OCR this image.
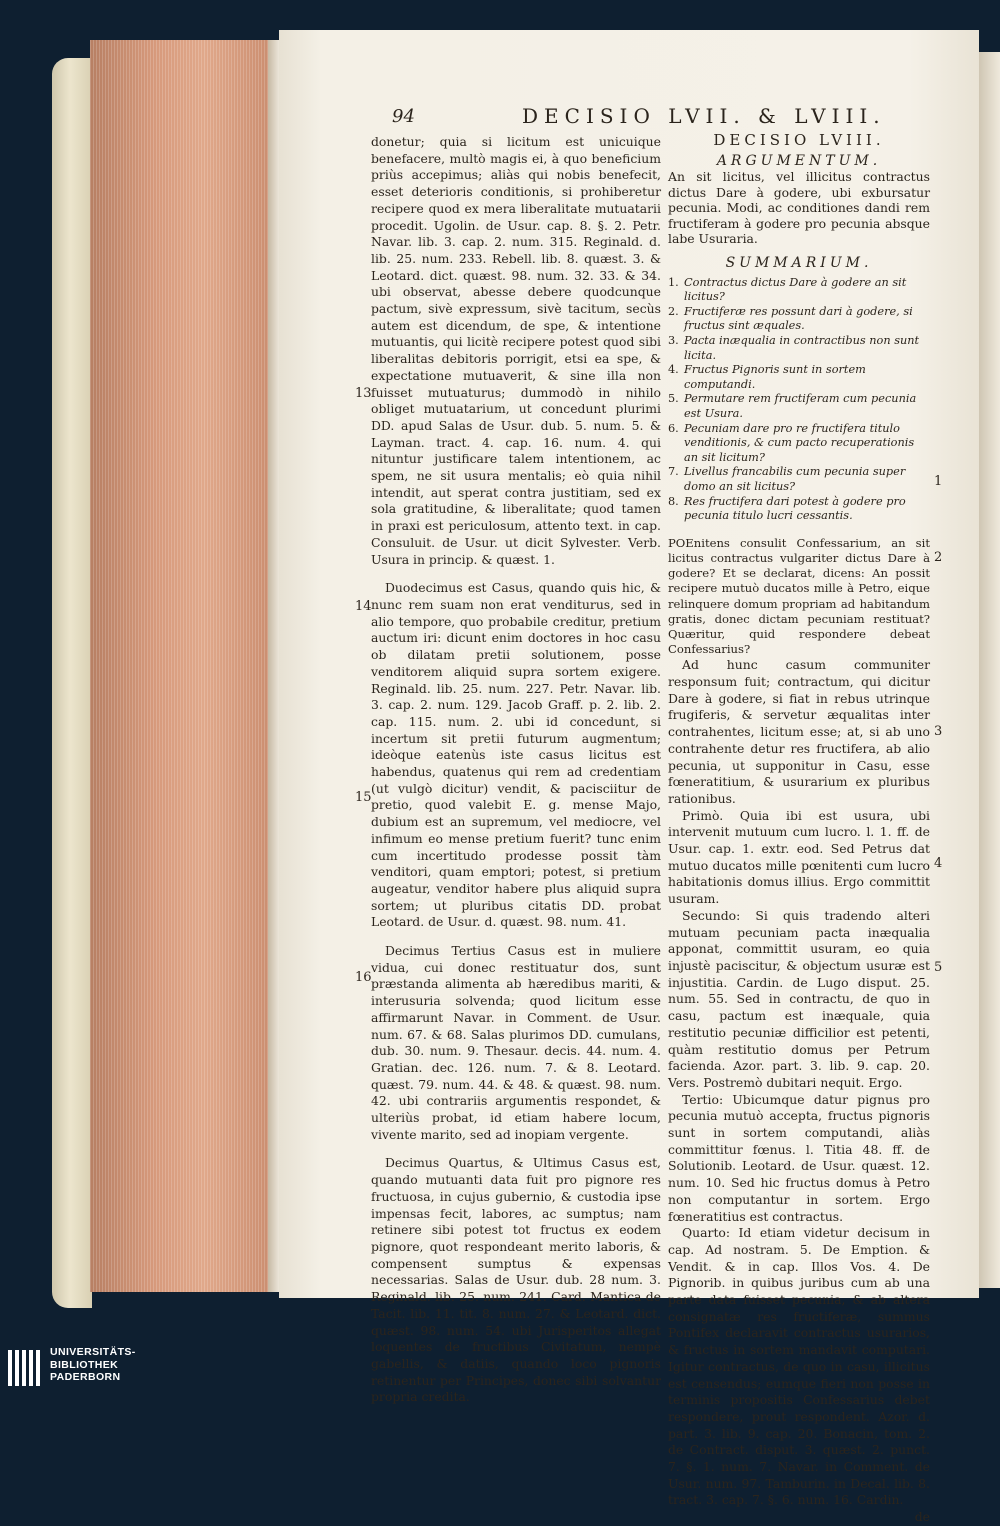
94	DECISIO LVII. & LVIII.

donetur; quia si licitum est unicuique benefacere, multò magis ei, à quo beneficium priùs accepimus; aliàs qui nobis benefecit, esset deterioris conditionis, si prohiberetur recipere quod ex mera liberalitate mutuatarii procedit. Ugolin. de Usur. cap. 8. §. 2. Petr. Navar. lib. 3. cap. 2. num. 315. Reginald. d. lib. 25. num. 233. Rebell. lib. 8. quæst. 3. & Leotard. dict. quæst. 98. num. 32. 33. & 34. ubi observat, abesse debere quodcunque pactum, sivè expressum, sivè tacitum, secùs autem est dicendum, de spe, & intentione mutuantis, qui licitè recipere potest quod sibi liberalitas debitoris porrigit, etsi ea spe, & expectatione mutuaverit, & sine illa non fuisset mutuaturus; dummodò in nihilo obliget mutuatarium, ut concedunt plurimi DD. apud Salas de Usur. dub. 5. num. 5. & Layman. tract. 4. cap. 16. num. 4. qui nituntur justificare talem intentionem, ac spem, ne sit usura mentalis; eò quia nihil intendit, aut sperat contra justitiam, sed ex sola gratitudine, & liberalitate; quod tamen in praxi est periculosum, attento text. in cap. Consuluit. de Usur. ut dicit Sylvester. Verb. Usura in princip. & quæst. 1.

Duodecimus est Casus, quando quis hic, & nunc rem suam non erat venditurus, sed in alio tempore, quo probabile creditur, pretium auctum iri: dicunt enim doctores in hoc casu ob dilatam pretii solutionem, posse venditorem aliquid supra sortem exigere. Reginald. lib. 25. num. 227. Petr. Navar. lib. 3. cap. 2. num. 129. Jacob Graff. p. 2. lib. 2. cap. 115. num. 2. ubi id concedunt, si incertum sit pretii futurum augmentum; ideòque eatenùs iste casus licitus est habendus, quatenus qui rem ad credentiam (ut vulgò dicitur) vendit, & pacisciitur de pretio, quod valebit E. g. mense Majo, dubium est an supremum, vel mediocre, vel infimum eo mense pretium fuerit? tunc enim cum incertitudo prodesse possit tàm venditori, quam emptori; potest, si pretium augeatur, venditor habere plus aliquid supra sortem; ut pluribus citatis DD. probat Leotard. de Usur. d. quæst. 98. num. 41.

Decimus Tertius Casus est in muliere vidua, cui donec restituatur dos, sunt præstanda alimenta ab hæredibus mariti, & interusuria solvenda; quod licitum esse affirmarunt Navar. in Comment. de Usur. num. 67. & 68. Salas plurimos DD. cumulans, dub. 30. num. 9. Thesaur. decis. 44. num. 4. Gratian. dec. 126. num. 7. & 8. Leotard. quæst. 79. num. 44. & 48. & quæst. 98. num. 42. ubi contrariis argumentis respondet, & ulteriùs probat, id etiam habere locum, vivente marito, sed ad inopiam vergente.

Decimus Quartus, & Ultimus Casus est, quando mutuanti data fuit pro pignore res fructuosa, in cujus gubernio, & custodia ipse impensas fecit, labores, ac sumptus; nam retinere sibi potest tot fructus ex eodem pignore, quot respondeant merito laboris, & compensent sumptus & expensas necessarias. Salas de Usur. dub. 28 num. 3. Reginald. lib. 25. num. 241. Card. Mantica de Tacit. lib. 11. tit. 8. num. 27. & Leotard. dict. quæst. 98. num. 54. ubi Jurisperitos allegat loquentes de fructibus Civitatum, nempè gabellis, & datiis, quando loco pignoris retinentur per Principes, donec sibi solvantur propria credita.

13
14
15
16
DECISIO LVIII.
ARGUMENTUM.

An sit licitus, vel illicitus contractus dictus Dare à godere, ubi exbursatur pecunia. Modi, ac conditiones dandi rem fructiferam à godere pro pecunia absque labe Usuraria.

SUMMARIUM.
1. Contractus dictus Dare à godere an sit licitus?
2. Fructiferæ res possunt dari à godere, si fructus sint æquales.
3. Pacta inæqualia in contractibus non sunt licita.
4. Fructus Pignoris sunt in sortem computandi.
5. Permutare rem fructiferam cum pecunia est Usura.
6. Pecuniam dare pro re fructifera titulo venditionis, & cum pacto recuperationis an sit licitum?
7. Livellus francabilis cum pecunia super domo an sit licitus?
8. Res fructifera dari potest à godere pro pecunia titulo lucri cessantis.

POEnitens consulit Confessarium, an sit licitus contractus vulgariter dictus Dare à godere? Et se declarat, dicens: An possit recipere mutuò ducatos mille à Petro, eique relinquere domum propriam ad habitandum gratis, donec dictam pecuniam restituat? Quæritur, quid respondere debeat Confessarius?

Ad hunc casum communiter responsum fuit; contractum, qui dicitur Dare à godere, si fiat in rebus utrinque frugiferis, & servetur æqualitas inter contrahentes, licitum esse; at, si ab uno contrahente detur res fructifera, ab alio pecunia, ut supponitur in Casu, esse fœneratitium, & usurarium ex pluribus rationibus.

Primò. Quia ibi est usura, ubi intervenit mutuum cum lucro. l. 1. ff. de Usur. cap. 1. extr. eod. Sed Petrus dat mutuo ducatos mille pœnitenti cum lucro habitationis domus illius. Ergo committit usuram.

Secundo: Si quis tradendo alteri mutuam pecuniam pacta inæqualia apponat, committit usuram, eo quia injustè paciscitur, & objectum usuræ est injustitia. Cardin. de Lugo disput. 25. num. 55. Sed in contractu, de quo in casu, pactum est inæquale, quia restitutio pecuniæ difficilior est petenti, quàm restitutio domus per Petrum facienda. Azor. part. 3. lib. 9. cap. 20. Vers. Postremò dubitari nequit. Ergo.

Tertio: Ubicumque datur pignus pro pecunia mutuò accepta, fructus pignoris sunt in sortem computandi, aliàs committitur fœnus. l. Titia 48. ff. de Solutionib. Leotard. de Usur. quæst. 12. num. 10. Sed hic fructus domus à Petro non computantur in sortem. Ergo fœneratitius est contractus.

Quarto: Id etiam videtur decisum in cap. Ad nostram. 5. De Emption. & Vendit. & in cap. Illos Vos. 4. De Pignorib. in quibus juribus cum ab una parte data fuisset pecunia, & ab altera consignatæ res fructiferæ, summus Pontifex declaravit contractus usurarios, & fructus in sortem mandavit computari. Igitur contractus, de quo in casu, illicitus est censendus; eumque fieri non posse in terminis propositis Confessarius debet respondere, prout respondent. Azor. d. part. 3. lib. 9. cap. 20. Bonacin, tom. 2. de Contract. disput. 3. quæst. 2. punct. 7. §. 1. num. 7. Navar. in Comment. de Usur. num. 97. Tamburin. in Decal. lib. 8. tract. 3. cap. 7. §. 6. num. 16. Cardin.

de
1
2
3
4
5
UNIVERSITÄTS-
BIBLIOTHEK
PADERBORN
